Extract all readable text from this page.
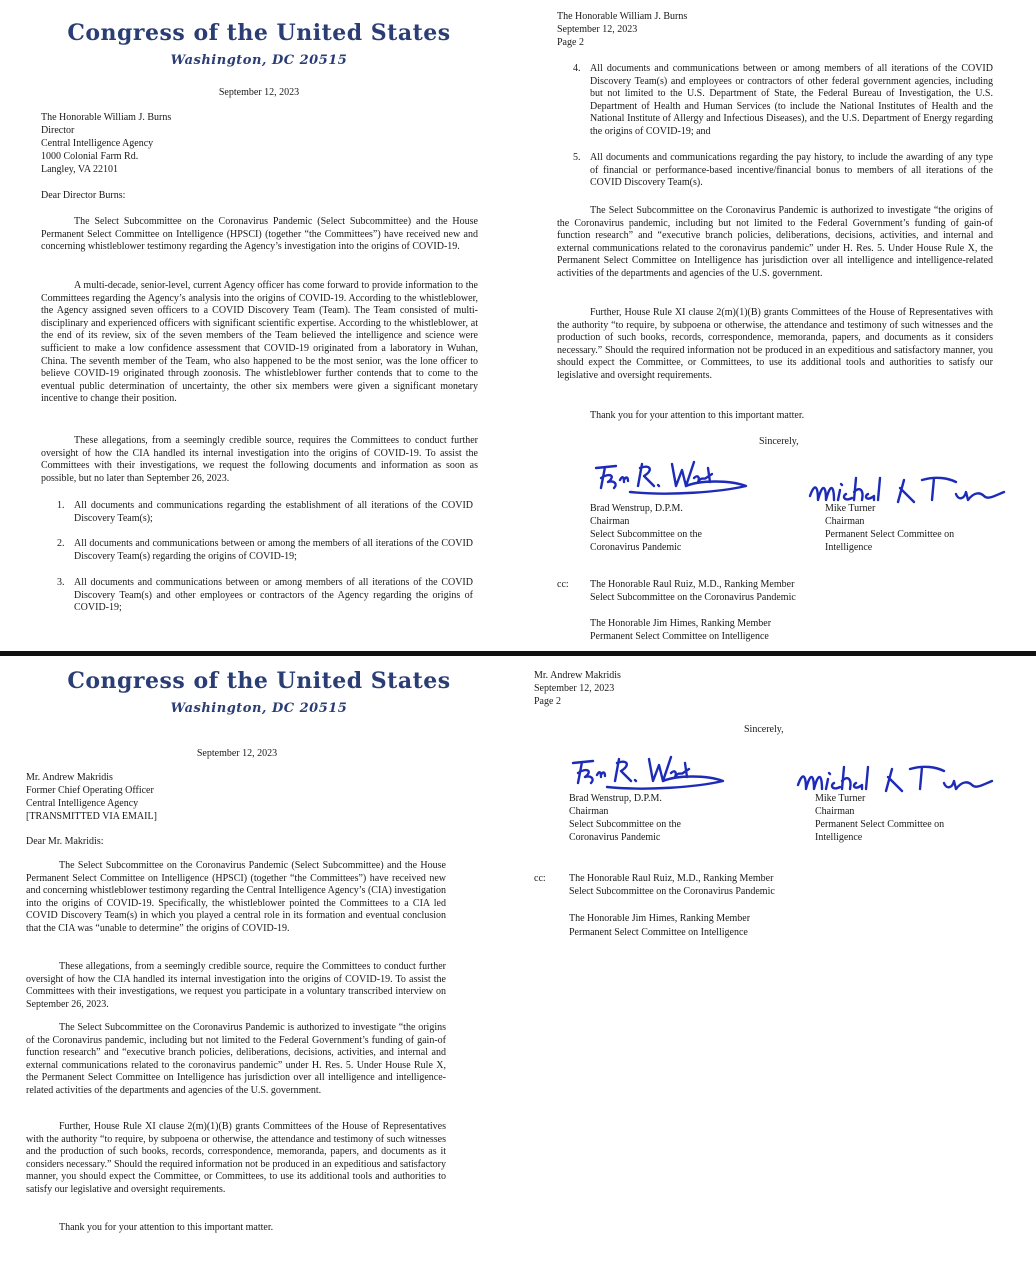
Congress of the United States
Washington, DC 20515
September 12, 2023
The Honorable William J. Burns
Director
Central Intelligence Agency
1000 Colonial Farm Rd.
Langley, VA 22101
Dear Director Burns:
The Select Subcommittee on the Coronavirus Pandemic (Select Subcommittee) and the House Permanent Select Committee on Intelligence (HPSCI) (together “the Committees”) have received new and concerning whistleblower testimony regarding the Agency’s investigation into the origins of COVID-19.
A multi-decade, senior-level, current Agency officer has come forward to provide information to the Committees regarding the Agency’s analysis into the origins of COVID-19. According to the whistleblower, the Agency assigned seven officers to a COVID Discovery Team (Team). The Team consisted of multi-disciplinary and experienced officers with significant scientific expertise. According to the whistleblower, at the end of its review, six of the seven members of the Team believed the intelligence and science were sufficient to make a low confidence assessment that COVID-19 originated from a laboratory in Wuhan, China. The seventh member of the Team, who also happened to be the most senior, was the lone officer to believe COVID-19 originated through zoonosis. The whistleblower further contends that to come to the eventual public determination of uncertainty, the other six members were given a significant monetary incentive to change their position.
These allegations, from a seemingly credible source, requires the Committees to conduct further oversight of how the CIA handled its internal investigation into the origins of COVID-19. To assist the Committees with their investigations, we request the following documents and information as soon as possible, but no later than September 26, 2023.
1. All documents and communications regarding the establishment of all iterations of the COVID Discovery Team(s);
2. All documents and communications between or among the members of all iterations of the COVID Discovery Team(s) regarding the origins of COVID-19;
3. All documents and communications between or among members of all iterations of the COVID Discovery Team(s) and other employees or contractors of the Agency regarding the origins of COVID-19;
The Honorable William J. Burns
September 12, 2023
Page 2
4. All documents and communications between or among members of all iterations of the COVID Discovery Team(s) and employees or contractors of other federal government agencies, including but not limited to the U.S. Department of State, the Federal Bureau of Investigation, the U.S. Department of Health and Human Services (to include the National Institutes of Health and the National Institute of Allergy and Infectious Diseases), and the U.S. Department of Energy regarding the origins of COVID-19; and
5. All documents and communications regarding the pay history, to include the awarding of any type of financial or performance-based incentive/financial bonus to members of all iterations of the COVID Discovery Team(s).
The Select Subcommittee on the Coronavirus Pandemic is authorized to investigate “the origins of the Coronavirus pandemic, including but not limited to the Federal Government’s funding of gain-of function research” and “executive branch policies, deliberations, decisions, activities, and internal and external communications related to the coronavirus pandemic” under H. Res. 5. Under House Rule X, the Permanent Select Committee on Intelligence has jurisdiction over all intelligence and intelligence-related activities of the departments and agencies of the U.S. government.
Further, House Rule XI clause 2(m)(1)(B) grants Committees of the House of Representatives with the authority “to require, by subpoena or otherwise, the attendance and testimony of such witnesses and the production of such books, records, correspondence, memoranda, papers, and documents as it considers necessary.” Should the required information not be produced in an expeditious and satisfactory manner, you should expect the Committee, or Committees, to use its additional tools and authorities to satisfy our legislative and oversight requirements.
Thank you for your attention to this important matter.
Sincerely,
Brad Wenstrup, D.P.M.
Chairman
Select Subcommittee on the
Coronavirus Pandemic
Mike Turner
Chairman
Permanent Select Committee on
Intelligence
cc: The Honorable Raul Ruiz, M.D., Ranking Member
Select Subcommittee on the Coronavirus Pandemic
The Honorable Jim Himes, Ranking Member
Permanent Select Committee on Intelligence
Congress of the United States
Washington, DC 20515
September 12, 2023
Mr. Andrew Makridis
Former Chief Operating Officer
Central Intelligence Agency
[TRANSMITTED VIA EMAIL]
Dear Mr. Makridis:
The Select Subcommittee on the Coronavirus Pandemic (Select Subcommittee) and the House Permanent Select Committee on Intelligence (HPSCI) (together “the Committees”) have received new and concerning whistleblower testimony regarding the Central Intelligence Agency’s (CIA) investigation into the origins of COVID-19. Specifically, the whistleblower pointed the Committees to a CIA led COVID Discovery Team(s) in which you played a central role in its formation and eventual conclusion that the CIA was “unable to determine” the origins of COVID-19.
These allegations, from a seemingly credible source, require the Committees to conduct further oversight of how the CIA handled its internal investigation into the origins of COVID-19. To assist the Committees with their investigations, we request you participate in a voluntary transcribed interview on September 26, 2023.
The Select Subcommittee on the Coronavirus Pandemic is authorized to investigate “the origins of the Coronavirus pandemic, including but not limited to the Federal Government’s funding of gain-of function research” and “executive branch policies, deliberations, decisions, activities, and internal and external communications related to the coronavirus pandemic” under H. Res. 5. Under House Rule X, the Permanent Select Committee on Intelligence has jurisdiction over all intelligence and intelligence-related activities of the departments and agencies of the U.S. government.
Further, House Rule XI clause 2(m)(1)(B) grants Committees of the House of Representatives with the authority “to require, by subpoena or otherwise, the attendance and testimony of such witnesses and the production of such books, records, correspondence, memoranda, papers, and documents as it considers necessary.” Should the required information not be produced in an expeditious and satisfactory manner, you should expect the Committee, or Committees, to use its additional tools and authorities to satisfy our legislative and oversight requirements.
Thank you for your attention to this important matter.
Mr. Andrew Makridis
September 12, 2023
Page 2
Sincerely,
Brad Wenstrup, D.P.M.
Chairman
Select Subcommittee on the
Coronavirus Pandemic
Mike Turner
Chairman
Permanent Select Committee on
Intelligence
cc: The Honorable Raul Ruiz, M.D., Ranking Member
Select Subcommittee on the Coronavirus Pandemic
The Honorable Jim Himes, Ranking Member
Permanent Select Committee on Intelligence
